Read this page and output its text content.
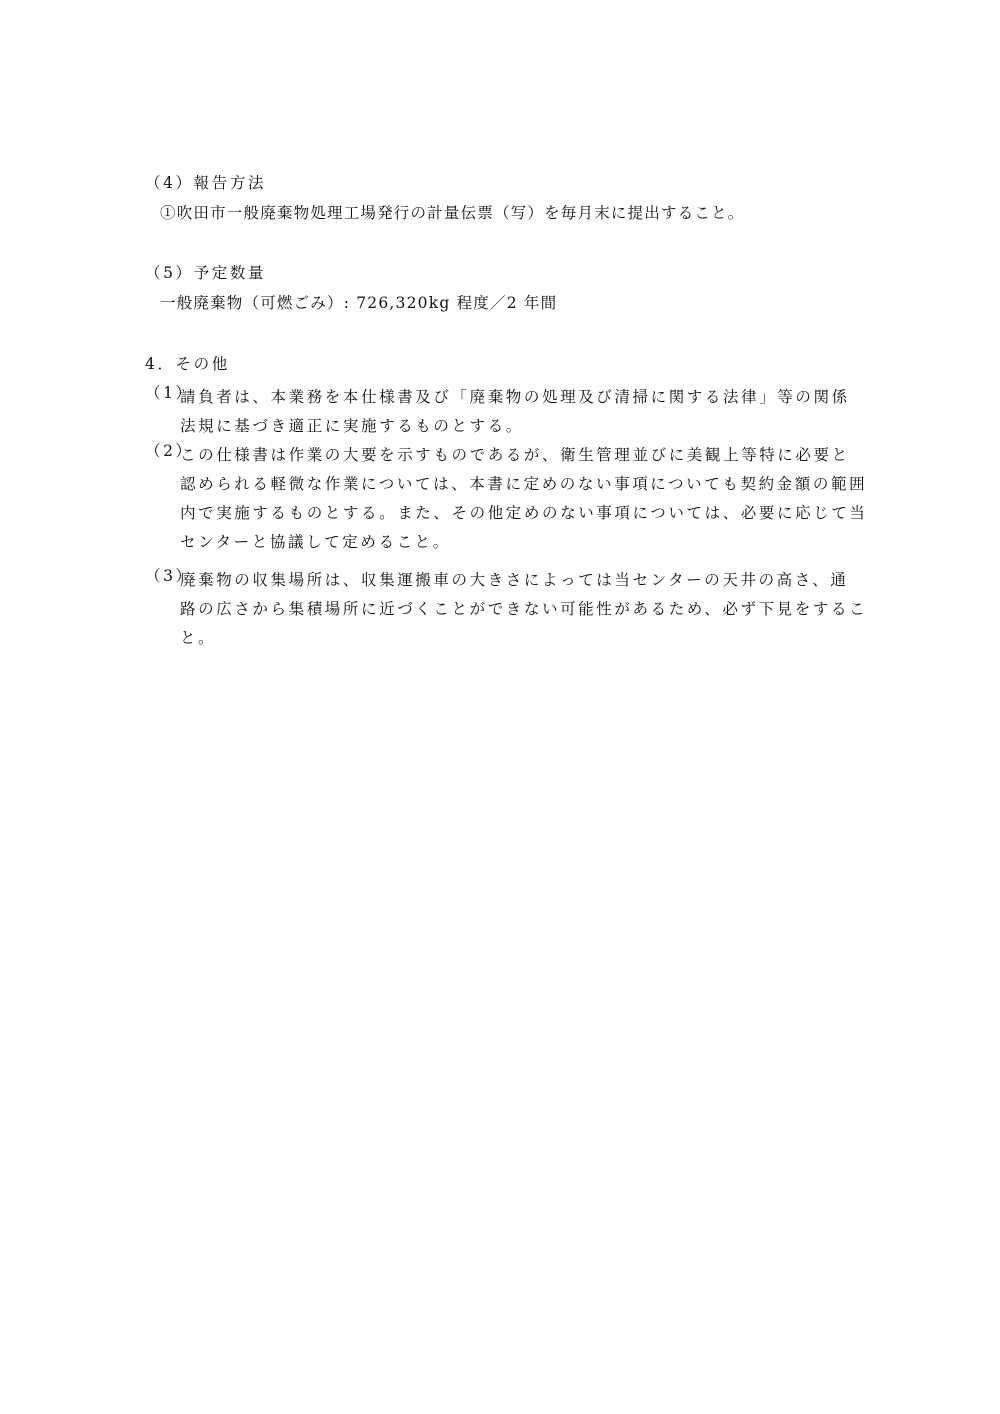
（4）報告方法
①吹田市一般廃棄物処理工場発行の計量伝票（写）を毎月末に提出すること。
（5）予定数量
一般廃棄物（可燃ごみ）: 726,320kg 程度／2 年間
4．その他
（1）
請負者は、本業務を本仕様書及び「廃棄物の処理及び清掃に関する法律」等の関係
法規に基づき適正に実施するものとする。
（2）
この仕様書は作業の大要を示すものであるが、衛生管理並びに美観上等特に必要と
認められる軽微な作業については、本書に定めのない事項についても契約金額の範囲
内で実施するものとする。また、その他定めのない事項については、必要に応じて当
センターと協議して定めること。
（3）
廃棄物の収集場所は、収集運搬車の大きさによっては当センターの天井の高さ、通
路の広さから集積場所に近づくことができない可能性があるため、必ず下見をするこ
と。
